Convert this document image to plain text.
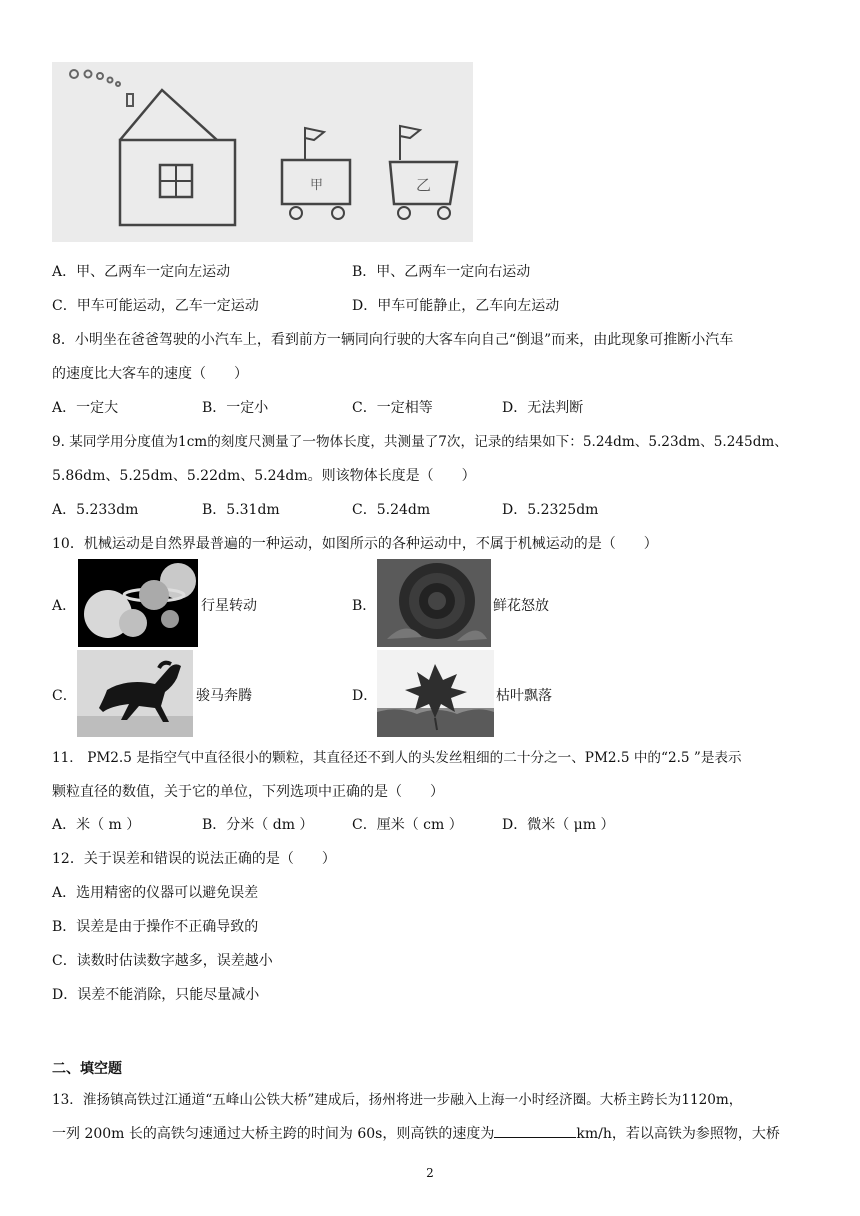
甲	乙
A．甲、乙两车一定向左运动	B．甲、乙两车一定向右运动
C．甲车可能运动，乙车一定运动	D．甲车可能静止，乙车向左运动
8．小明坐在爸爸驾驶的小汽车上，看到前方一辆同向行驶的大客车向自己“倒退”而来，由此现象可推断小汽车
的速度比大客车的速度（　　）
A．一定大	B．一定小	C．一定相等	D．无法判断
9. 某同学用分度值为1cm的刻度尺测量了一物体长度，共测量了7次，记录的结果如下：5.24dm、5.23dm、5.245dm、
5.86dm、5.25dm、5.22dm、5.24dm。则该物体长度是（　　）
A．5.233dm	B．5.31dm	C．5.24dm	D．5.2325dm
10．机械运动是自然界最普遍的一种运动，如图所示的各种运动中，不属于机械运动的是（　　）
A．	行星转动	B．	鲜花怒放
C．	骏马奔腾	D．	枯叶飘落
11． PM2.5 是指空气中直径很小的颗粒，其直径还不到人的头发丝粗细的二十分之一、PM2.5 中的“2.5 ”是表示
颗粒直径的数值，关于它的单位，下列选项中正确的是（　　）
A．米（ m ）	B．分米（ dm ）	C．厘米（ cm ）	D．微米（ μm ）
12．关于误差和错误的说法正确的是（　　）
A．选用精密的仪器可以避免误差
B．误差是由于操作不正确导致的
C．读数时估读数字越多，误差越小
D．误差不能消除，只能尽量减小
二、填空题
13．淮扬镇高铁过江通道“五峰山公铁大桥”建成后，扬州将进一步融入上海一小时经济圈。大桥主跨长为1120m，
一列 200m 长的高铁匀速通过大桥主跨的时间为 60s，则高铁的速度为	km/h，若以高铁为参照物，大桥
2
